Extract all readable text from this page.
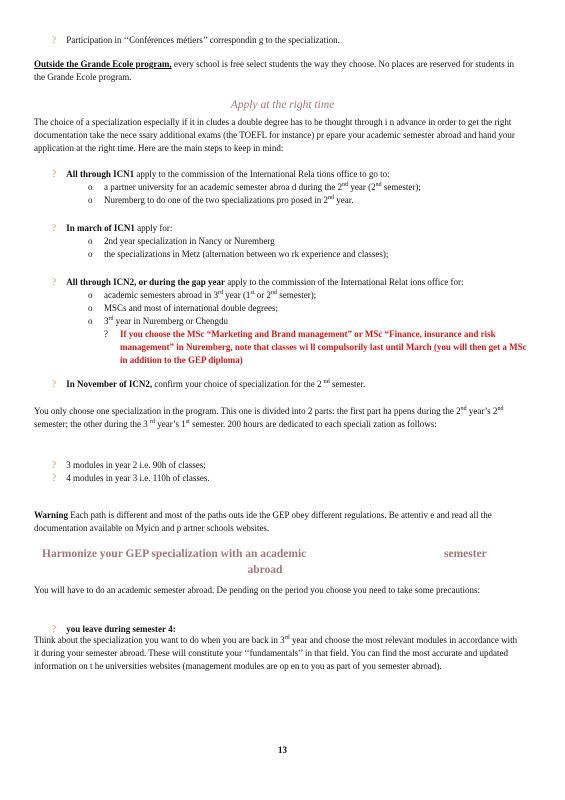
? Participation in ‘‘Conférences métiers’’ correspondin g to the specialization.
Outside the Grande Ecole program, every school is free select students the way they choose. No places are reserved for students in the Grande Ecole program.
Apply at the right time
The choice of a specialization especially if it in cludes a double degree has to be thought through i n advance in order to get the right documentation take the nece ssary additional exams (the TOEFL for instance) pr epare your academic semester abroad and hand your application at the right time. Here are the main steps to keep in mind:
? All through ICN1 apply to the commission of the International Rela tions office to go to:
o a partner university for an academic semester abroa d during the 2nd year (2nd semester);
o Nuremberg to do one of the two specializations pro posed in 2nd year.
? In march of ICN1 apply for:
o 2nd year specialization in Nancy or Nuremberg
o the specializations in Metz (alternation between wo rk experience and classes);
? All through ICN2, or during the gap year apply to the commission of the International Relat ions office for:
o academic semesters abroad in 3rd year (1st or 2nd semester);
o MSCs and most of international double degrees;
o 3rd year in Nuremberg or Chengdu
?	If you choose the MSc “Marketing and Brand management” or MSc “Finance, insurance and risk management” in Nuremberg, note that classes wi ll compulsorily last until March (you will then get a MSc in addition to the GEP diploma)
? In November of ICN2, confirm your choice of specialization for the 2 $^{nd}$ semester.
You only choose one specialization in the program. This one is divided into 2 parts: the first part ha ppens during the 2nd year’s 2nd semester; the other during the 3 $^{rd}$ year’s 1st semester. 200 hours are dedicated to each speciali zation as follows:
? 3 modules in year 2 i.e. 90h of classes;
? 4 modules in year 3 i.e. 110h of classes.
Warning Each path is different and most of the paths outs ide the GEP obey different regulations. Be attentiv e and read all the documentation available on Myicn and p artner schools websites.
Harmonize your GEP specialization with an academic	semester
abroad
You will have to do an academic semester abroad. De pending on the period you choose you need to take some precautions:
? you leave during semester 4:
Think about the specialization you want to do when you are back in 3rd year and choose the most relevant modules in accordance with it during your semester abroad. These will constitute your ‘‘fundamentals’’ in that field. You can find the most accurate and updated information on t he universities websites (management modules are op en to you as part of you semester abroad).
13
